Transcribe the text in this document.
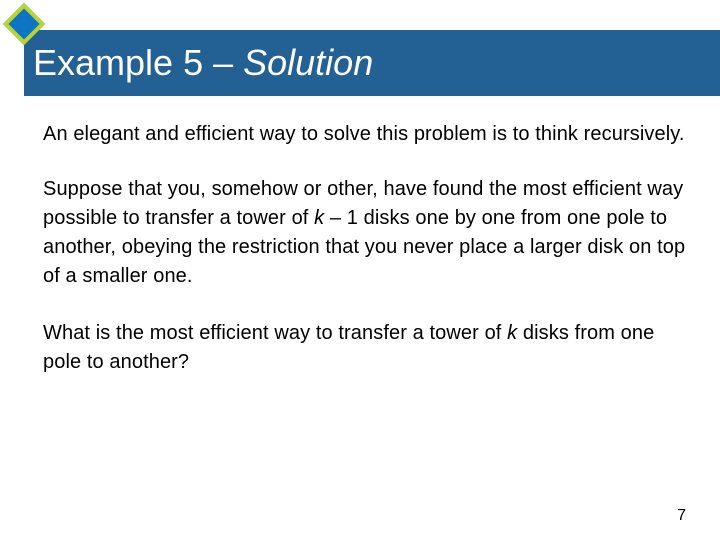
Example 5 – Solution

An elegant and efficient way to solve this problem is to think recursively.

Suppose that you, somehow or other, have found the most efficient way possible to transfer a tower of k – 1 disks one by one from one pole to another, obeying the restriction that you never place a larger disk on top of a smaller one.

What is the most efficient way to transfer a tower of k disks from one pole to another?

7
